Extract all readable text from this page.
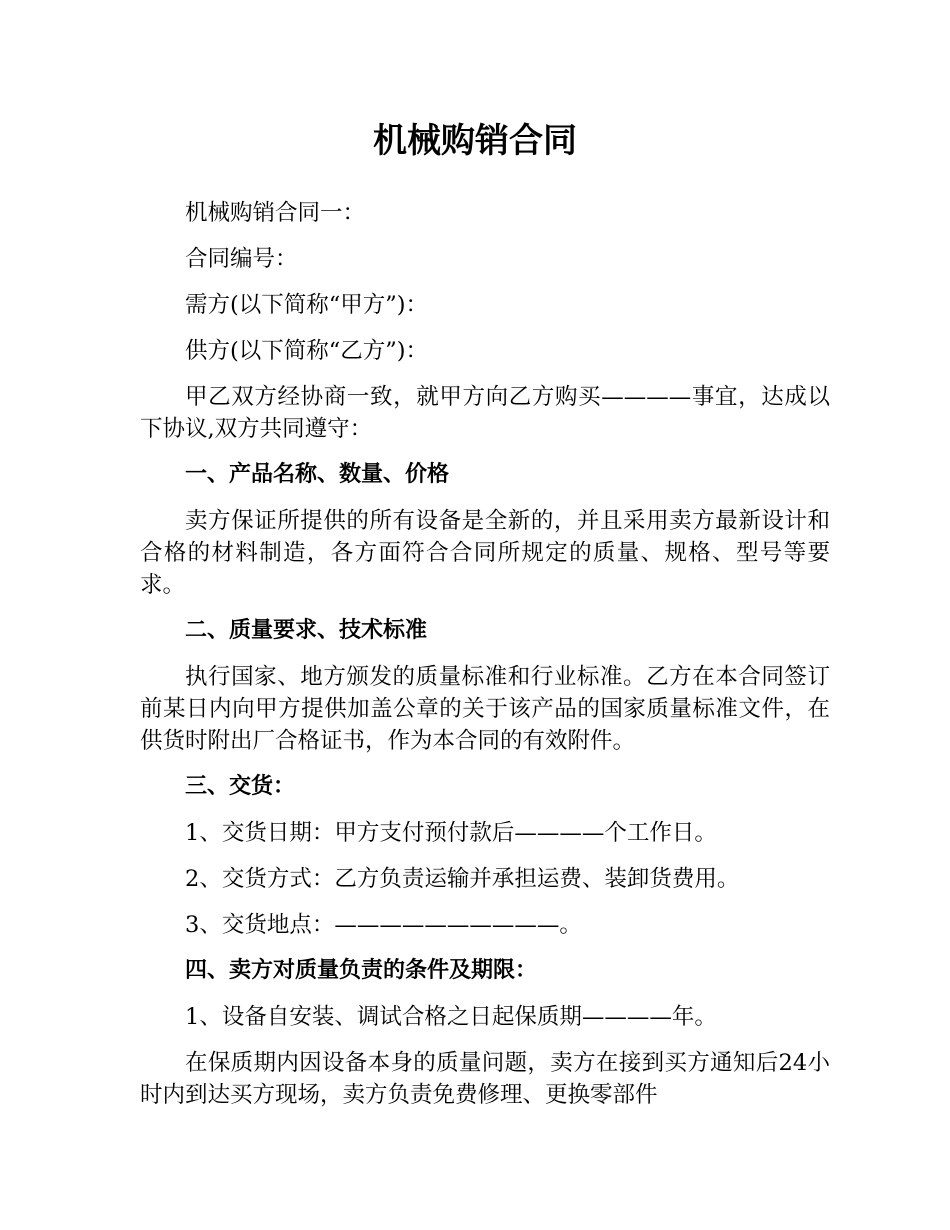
机械购销合同

机械购销合同一：

合同编号：

需方(以下简称“甲方”)：

供方(以下简称“乙方”)：

甲乙双方经协商一致，就甲方向乙方购买————事宜，达成以下协议,双方共同遵守：

一、产品名称、数量、价格

卖方保证所提供的所有设备是全新的，并且采用卖方最新设计和合格的材料制造，各方面符合合同所规定的质量、规格、型号等要求。

二、质量要求、技术标准

执行国家、地方颁发的质量标准和行业标准。乙方在本合同签订前某日内向甲方提供加盖公章的关于该产品的国家质量标准文件，在供货时附出厂合格证书，作为本合同的有效附件。

三、交货：

1、交货日期：甲方支付预付款后————个工作日。

2、交货方式：乙方负责运输并承担运费、装卸货费用。

3、交货地点：——————————。

四、卖方对质量负责的条件及期限：

1、设备自安装、调试合格之日起保质期————年。

在保质期内因设备本身的质量问题，卖方在接到买方通知后24小时内到达买方现场，卖方负责免费修理、更换零部件
